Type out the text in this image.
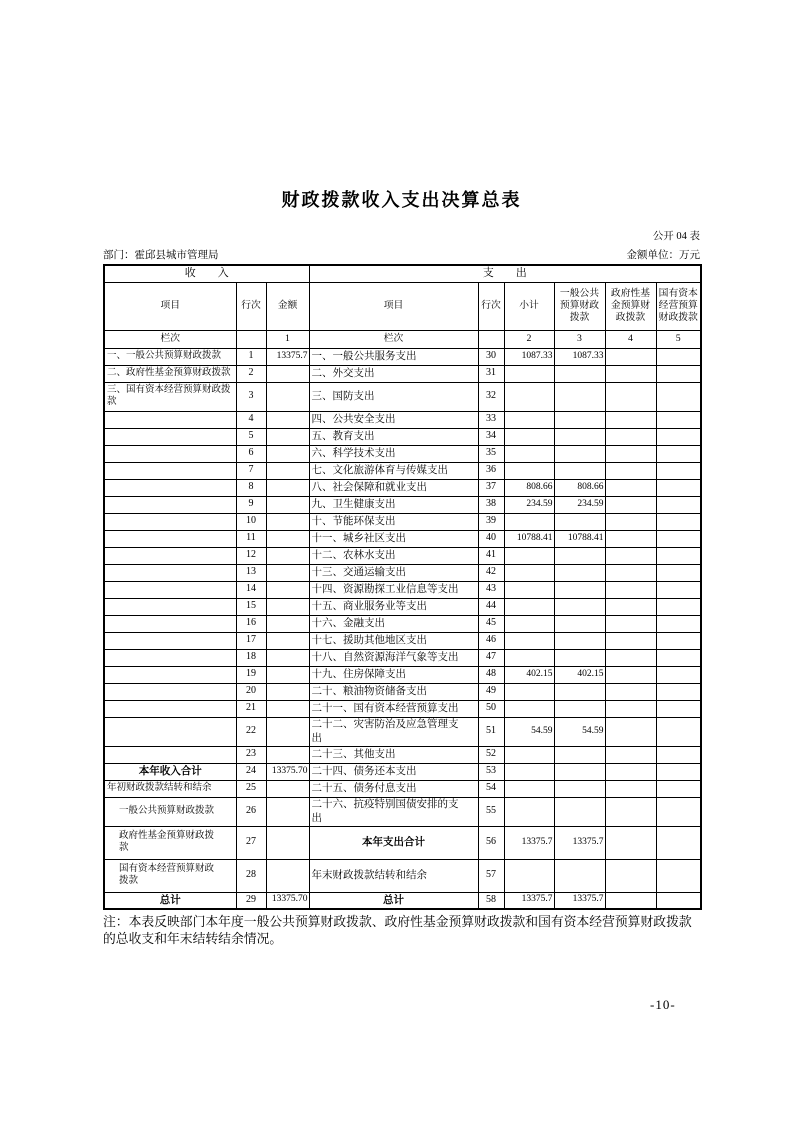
财政拨款收入支出决算总表
公开 04 表
部门：霍邱县城市管理局	金额单位：万元
收　　入			支　　出					
项目	行次	金额	项目	行次	小计	一般公共预算财政拨款	政府性基金预算财政拨款	国有资本经营预算财政拨款
栏次		1	栏次		2	3	4	5
一、一般公共预算财政拨款	1	13375.7	一、一般公共服务支出	30	1087.33	1087.33		
二、政府性基金预算财政拨款	2		二、外交支出	31				
三、国有资本经营预算财政拨款	3		三、国防支出	32				
	4		四、公共安全支出	33				
	5		五、教育支出	34				
	6		六、科学技术支出	35				
	7		七、文化旅游体育与传媒支出	36				
	8		八、社会保障和就业支出	37	808.66	808.66		
	9		九、卫生健康支出	38	234.59	234.59		
	10		十、节能环保支出	39				
	11		十一、城乡社区支出	40	10788.41	10788.41		
	12		十二、农林水支出	41				
	13		十三、交通运输支出	42				
	14		十四、资源勘探工业信息等支出	43				
	15		十五、商业服务业等支出	44				
	16		十六、金融支出	45				
	17		十七、援助其他地区支出	46				
	18		十八、自然资源海洋气象等支出	47				
	19		十九、住房保障支出	48	402.15	402.15		
	20		二十、粮油物资储备支出	49				
	21		二十一、国有资本经营预算支出	50				
	22		二十二、灾害防治及应急管理支出	51	54.59	54.59		
	23		二十三、其他支出	52				
本年收入合计	24	13375.70	二十四、债务还本支出	53				
年初财政拨款结转和结余	25		二十五、债务付息支出	54				
一般公共预算财政拨款	26		二十六、抗疫特别国债安排的支出	55				
政府性基金预算财政拨款	27		本年支出合计	56	13375.7	13375.7		
国有资本经营预算财政拨款	28		年末财政拨款结转和结余	57				
总计	29	13375.70	总计	58	13375.7	13375.7		
注：本表反映部门本年度一般公共预算财政拨款、政府性基金预算财政拨款和国有资本经营预算财政拨款的总收支和年末结转结余情况。
-10-
